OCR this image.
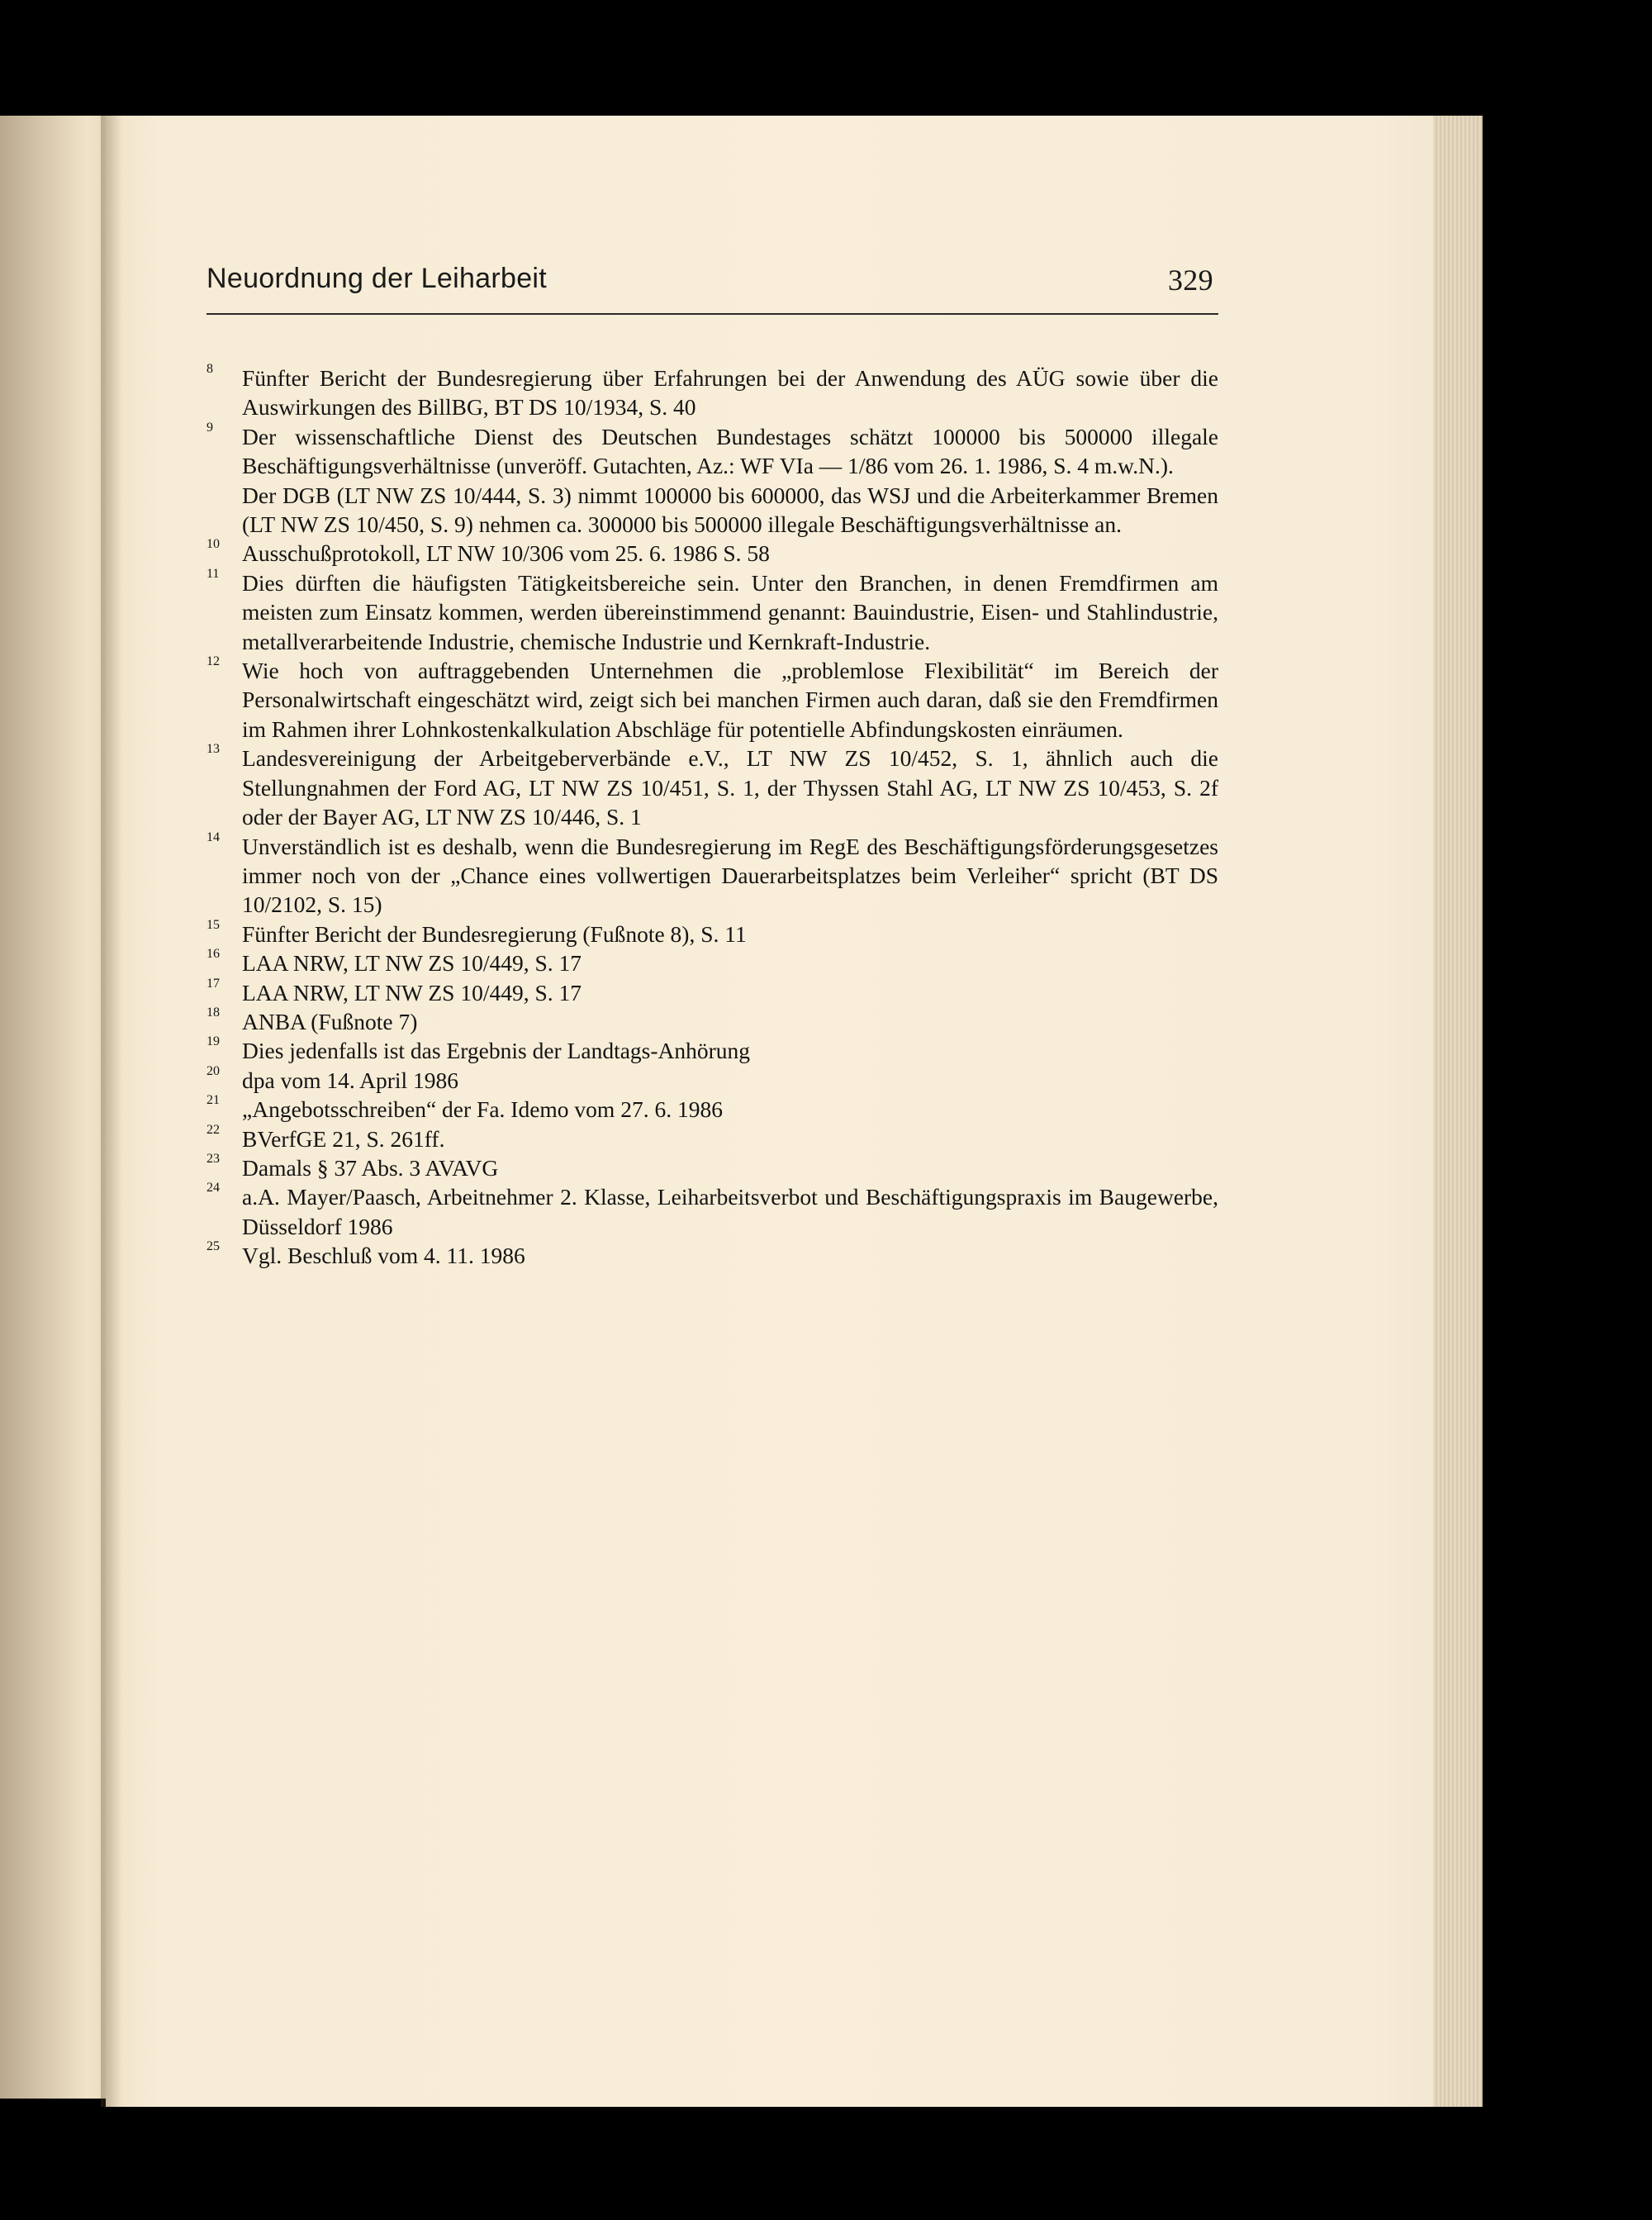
Neuordnung der Leiharbeit	329
8 Fünfter Bericht der Bundesregierung über Erfahrungen bei der Anwendung des AÜG sowie über die Auswirkungen des BillBG, BT DS 10/1934, S. 40

9 Der wissenschaftliche Dienst des Deutschen Bundestages schätzt 100000 bis 500000 illegale Beschäftigungsverhältnisse (unveröff. Gutachten, Az.: WF VIa — 1/86 vom 26. 1. 1986, S. 4 m.w.N.).

Der DGB (LT NW ZS 10/444, S. 3) nimmt 100000 bis 600000, das WSJ und die Arbeiterkammer Bremen (LT NW ZS 10/450, S. 9) nehmen ca. 300000 bis 500000 illegale Beschäftigungsverhältnisse an.

10 Ausschußprotokoll, LT NW 10/306 vom 25. 6. 1986 S. 58

11 Dies dürften die häufigsten Tätigkeitsbereiche sein. Unter den Branchen, in denen Fremdfirmen am meisten zum Einsatz kommen, werden übereinstimmend genannt: Bauindustrie, Eisen- und Stahlindustrie, metallverarbeitende Industrie, chemische Industrie und Kernkraft-Industrie.

12 Wie hoch von auftraggebenden Unternehmen die „problemlose Flexibilität“ im Bereich der Personalwirtschaft eingeschätzt wird, zeigt sich bei manchen Firmen auch daran, daß sie den Fremdfirmen im Rahmen ihrer Lohnkostenkalkulation Abschläge für potentielle Abfindungskosten einräumen.

13 Landesvereinigung der Arbeitgeberverbände e.V., LT NW ZS 10/452, S. 1, ähnlich auch die Stellungnahmen der Ford AG, LT NW ZS 10/451, S. 1, der Thyssen Stahl AG, LT NW ZS 10/453, S. 2f oder der Bayer AG, LT NW ZS 10/446, S. 1

14 Unverständlich ist es deshalb, wenn die Bundesregierung im RegE des Beschäftigungsförderungsgesetzes immer noch von der „Chance eines vollwertigen Dauerarbeitsplatzes beim Verleiher“ spricht (BT DS 10/2102, S. 15)

15 Fünfter Bericht der Bundesregierung (Fußnote 8), S. 11

16 LAA NRW, LT NW ZS 10/449, S. 17

17 LAA NRW, LT NW ZS 10/449, S. 17

18 ANBA (Fußnote 7)

19 Dies jedenfalls ist das Ergebnis der Landtags-Anhörung

20 dpa vom 14. April 1986

21 „Angebotsschreiben“ der Fa. Idemo vom 27. 6. 1986

22 BVerfGE 21, S. 261ff.

23 Damals § 37 Abs. 3 AVAVG

24 a.A. Mayer/Paasch, Arbeitnehmer 2. Klasse, Leiharbeitsverbot und Beschäftigungspraxis im Baugewerbe, Düsseldorf 1986

25 Vgl. Beschluß vom 4. 11. 1986
